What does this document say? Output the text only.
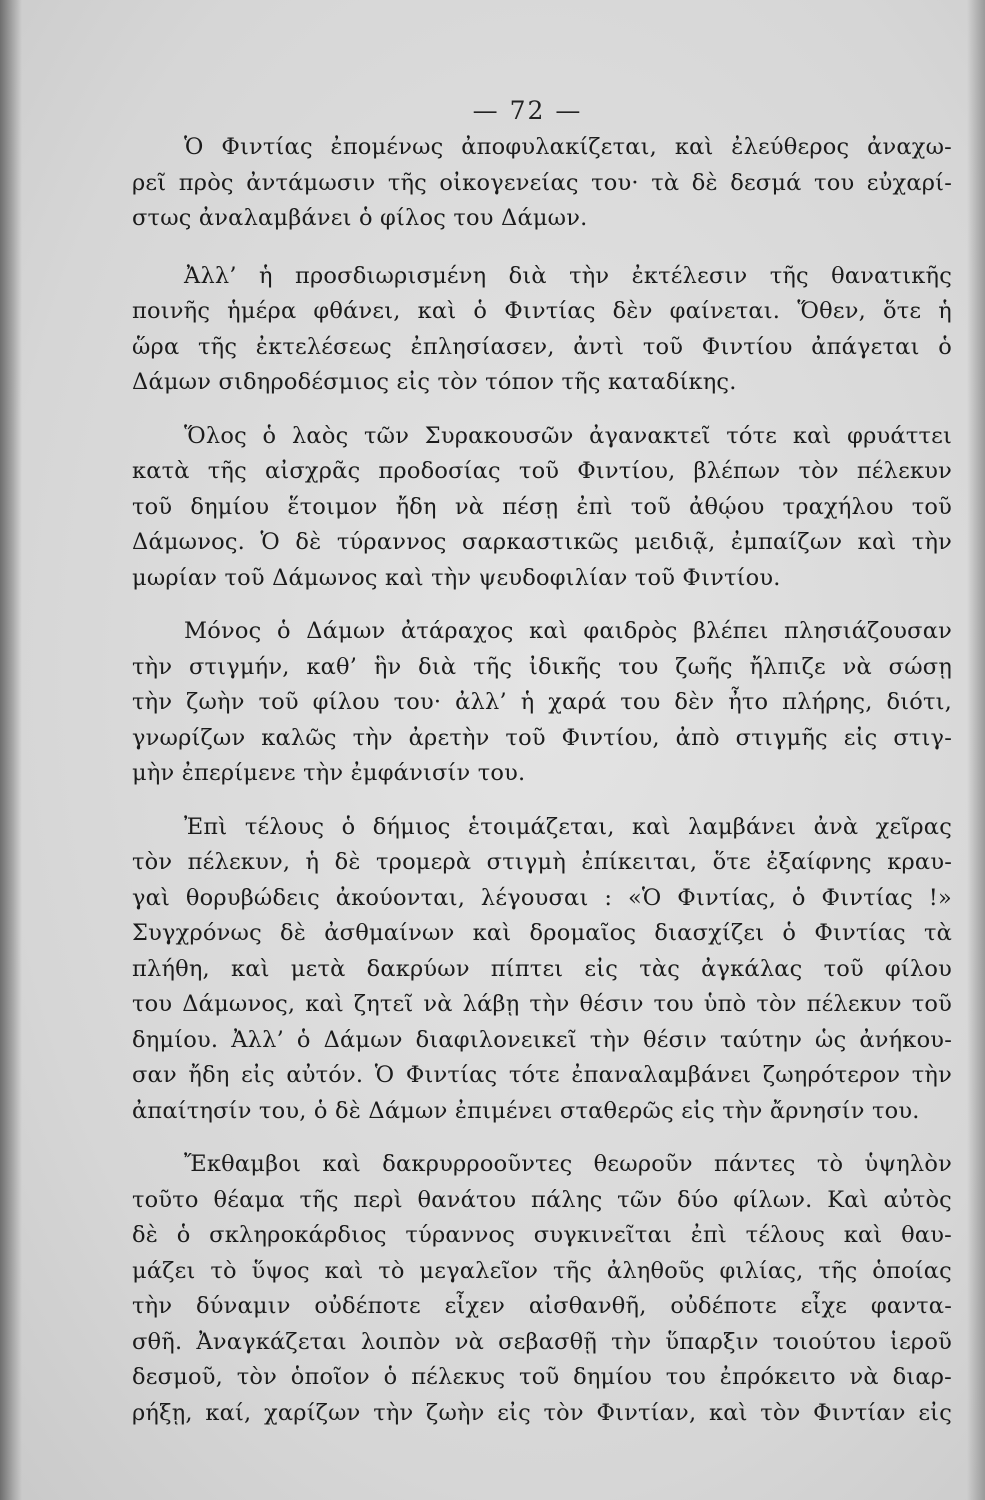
— 72 —
Ὁ Φιντίας ἐπομένως ἀποφυλακίζεται, καὶ ἐλεύθερος ἀναχω-
ρεῖ πρὸς ἀντάμωσιν τῆς οἰκογενείας του· τὰ δὲ δεσμά του εὐχαρί-
στως ἀναλαμβάνει ὁ φίλος του Δάμων.
Ἀλλ’ ἡ προσδιωρισμένη διὰ τὴν ἐκτέλεσιν τῆς θανατικῆς
ποινῆς ἡμέρα φθάνει, καὶ ὁ Φιντίας δὲν φαίνεται. Ὅθεν, ὅτε ἡ
ὥρα τῆς ἐκτελέσεως ἐπλησίασεν, ἀντὶ τοῦ Φιντίου ἀπάγεται ὁ
Δάμων σιδηροδέσμιος εἰς τὸν τόπον τῆς καταδίκης.
Ὅλος ὁ λαὸς τῶν Συρακουσῶν ἀγανακτεῖ τότε καὶ φρυάττει
κατὰ τῆς αἰσχρᾶς προδοσίας τοῦ Φιντίου, βλέπων τὸν πέλεκυν
τοῦ δημίου ἕτοιμον ἤδη νὰ πέσῃ ἐπὶ τοῦ ἀθῴου τραχήλου τοῦ
Δάμωνος. Ὁ δὲ τύραννος σαρκαστικῶς μειδιᾷ, ἐμπαίζων καὶ τὴν
μωρίαν τοῦ Δάμωνος καὶ τὴν ψευδοφιλίαν τοῦ Φιντίου.
Μόνος ὁ Δάμων ἀτάραχος καὶ φαιδρὸς βλέπει πλησιάζουσαν
τὴν στιγμήν, καθ’ ἣν διὰ τῆς ἰδικῆς του ζωῆς ἤλπιζε νὰ σώσῃ
τὴν ζωὴν τοῦ φίλου του· ἀλλ’ ἡ χαρά του δὲν ἦτο πλήρης, διότι,
γνωρίζων καλῶς τὴν ἀρετὴν τοῦ Φιντίου, ἀπὸ στιγμῆς εἰς στιγ-
μὴν ἐπερίμενε τὴν ἐμφάνισίν του.
Ἐπὶ τέλους ὁ δήμιος ἑτοιμάζεται, καὶ λαμβάνει ἀνὰ χεῖρας
τὸν πέλεκυν, ἡ δὲ τρομερὰ στιγμὴ ἐπίκειται, ὅτε ἐξαίφνης κραυ-
γαὶ θορυβώδεις ἀκούονται, λέγουσαι : «Ὁ Φιντίας, ὁ Φιντίας !»
Συγχρόνως δὲ ἀσθμαίνων καὶ δρομαῖος διασχίζει ὁ Φιντίας τὰ
πλήθη, καὶ μετὰ δακρύων πίπτει εἰς τὰς ἀγκάλας τοῦ φίλου
του Δάμωνος, καὶ ζητεῖ νὰ λάβῃ τὴν θέσιν του ὑπὸ τὸν πέλεκυν τοῦ
δημίου. Ἀλλ’ ὁ Δάμων διαφιλονεικεῖ τὴν θέσιν ταύτην ὡς ἀνήκου-
σαν ἤδη εἰς αὐτόν. Ὁ Φιντίας τότε ἐπαναλαμβάνει ζωηρότερον τὴν
ἀπαίτησίν του, ὁ δὲ Δάμων ἐπιμένει σταθερῶς εἰς τὴν ἄρνησίν του.
Ἔκθαμβοι καὶ δακρυρροοῦντες θεωροῦν πάντες τὸ ὑψηλὸν
τοῦτο θέαμα τῆς περὶ θανάτου πάλης τῶν δύο φίλων. Καὶ αὐτὸς
δὲ ὁ σκληροκάρδιος τύραννος συγκινεῖται ἐπὶ τέλους καὶ θαυ-
μάζει τὸ ὕψος καὶ τὸ μεγαλεῖον τῆς ἀληθοῦς φιλίας, τῆς ὁποίας
τὴν δύναμιν οὐδέποτε εἶχεν αἰσθανθῆ, οὐδέποτε εἶχε φαντα-
σθῆ. Ἀναγκάζεται λοιπὸν νὰ σεβασθῇ τὴν ὕπαρξιν τοιούτου ἱεροῦ
δεσμοῦ, τὸν ὁποῖον ὁ πέλεκυς τοῦ δημίου του ἐπρόκειτο νὰ διαρ-
ρήξῃ, καί, χαρίζων τὴν ζωὴν εἰς τὸν Φιντίαν, καὶ τὸν Φιντίαν εἰς
